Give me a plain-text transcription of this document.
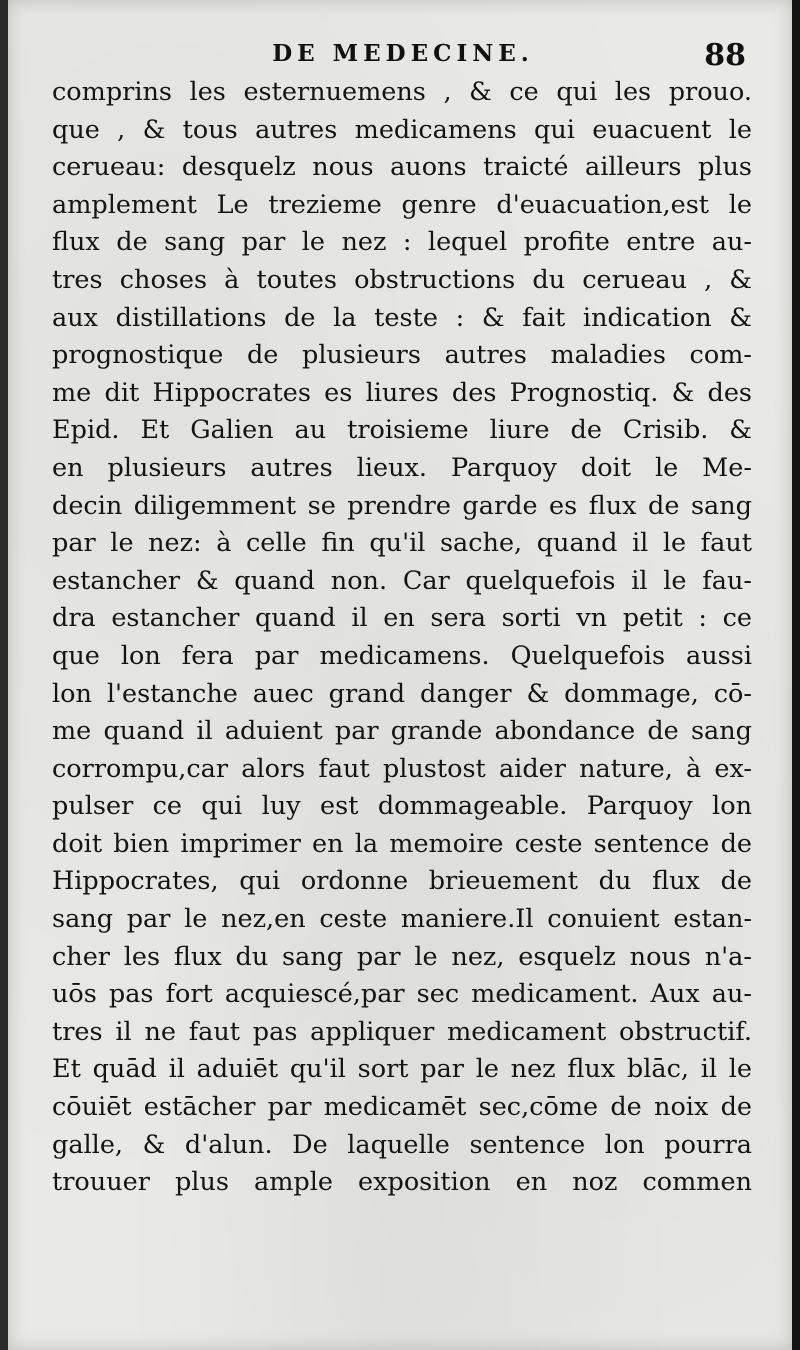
DE MEDECINE.	88
comprins les esternuemens , & ce qui les prouo.
que , & tous autres medicamens qui euacuent le
cerueau: desquelz nous auons traicté ailleurs plus
amplement Le trezieme genre d'euacuation,est le
flux de sang par le nez : lequel profite entre au-
tres choses à toutes obstructions du cerueau , &
aux distillations de la teste : & fait indication &
prognostique de plusieurs autres maladies com-
me dit Hippocrates es liures des Prognostiq. & des
Epid. Et Galien au troisieme liure de Crisib. &
en plusieurs autres lieux. Parquoy doit le Me-
decin diligemment se prendre garde es flux de sang
par le nez: à celle fin qu'il sache, quand il le faut
estancher & quand non. Car quelquefois il le fau-
dra estancher quand il en sera sorti vn petit : ce
que lon fera par medicamens. Quelquefois aussi
lon l'estanche auec grand danger & dommage, cō-
me quand il aduient par grande abondance de sang
corrompu,car alors faut plustost aider nature, à ex-
pulser ce qui luy est dommageable. Parquoy lon
doit bien imprimer en la memoire ceste sentence de
Hippocrates, qui ordonne brieuement du flux de
sang par le nez,en ceste maniere.Il conuient estan-
cher les flux du sang par le nez, esquelz nous n'a-
uōs pas fort acquiescé,par sec medicament. Aux au-
tres il ne faut pas appliquer medicament obstructif.
Et quād il aduiēt qu'il sort par le nez flux blāc, il le
cōuiēt estācher par medicamēt sec,cōme de noix de
galle, & d'alun. De laquelle sentence lon pourra
trouuer plus ample exposition en noz commen
